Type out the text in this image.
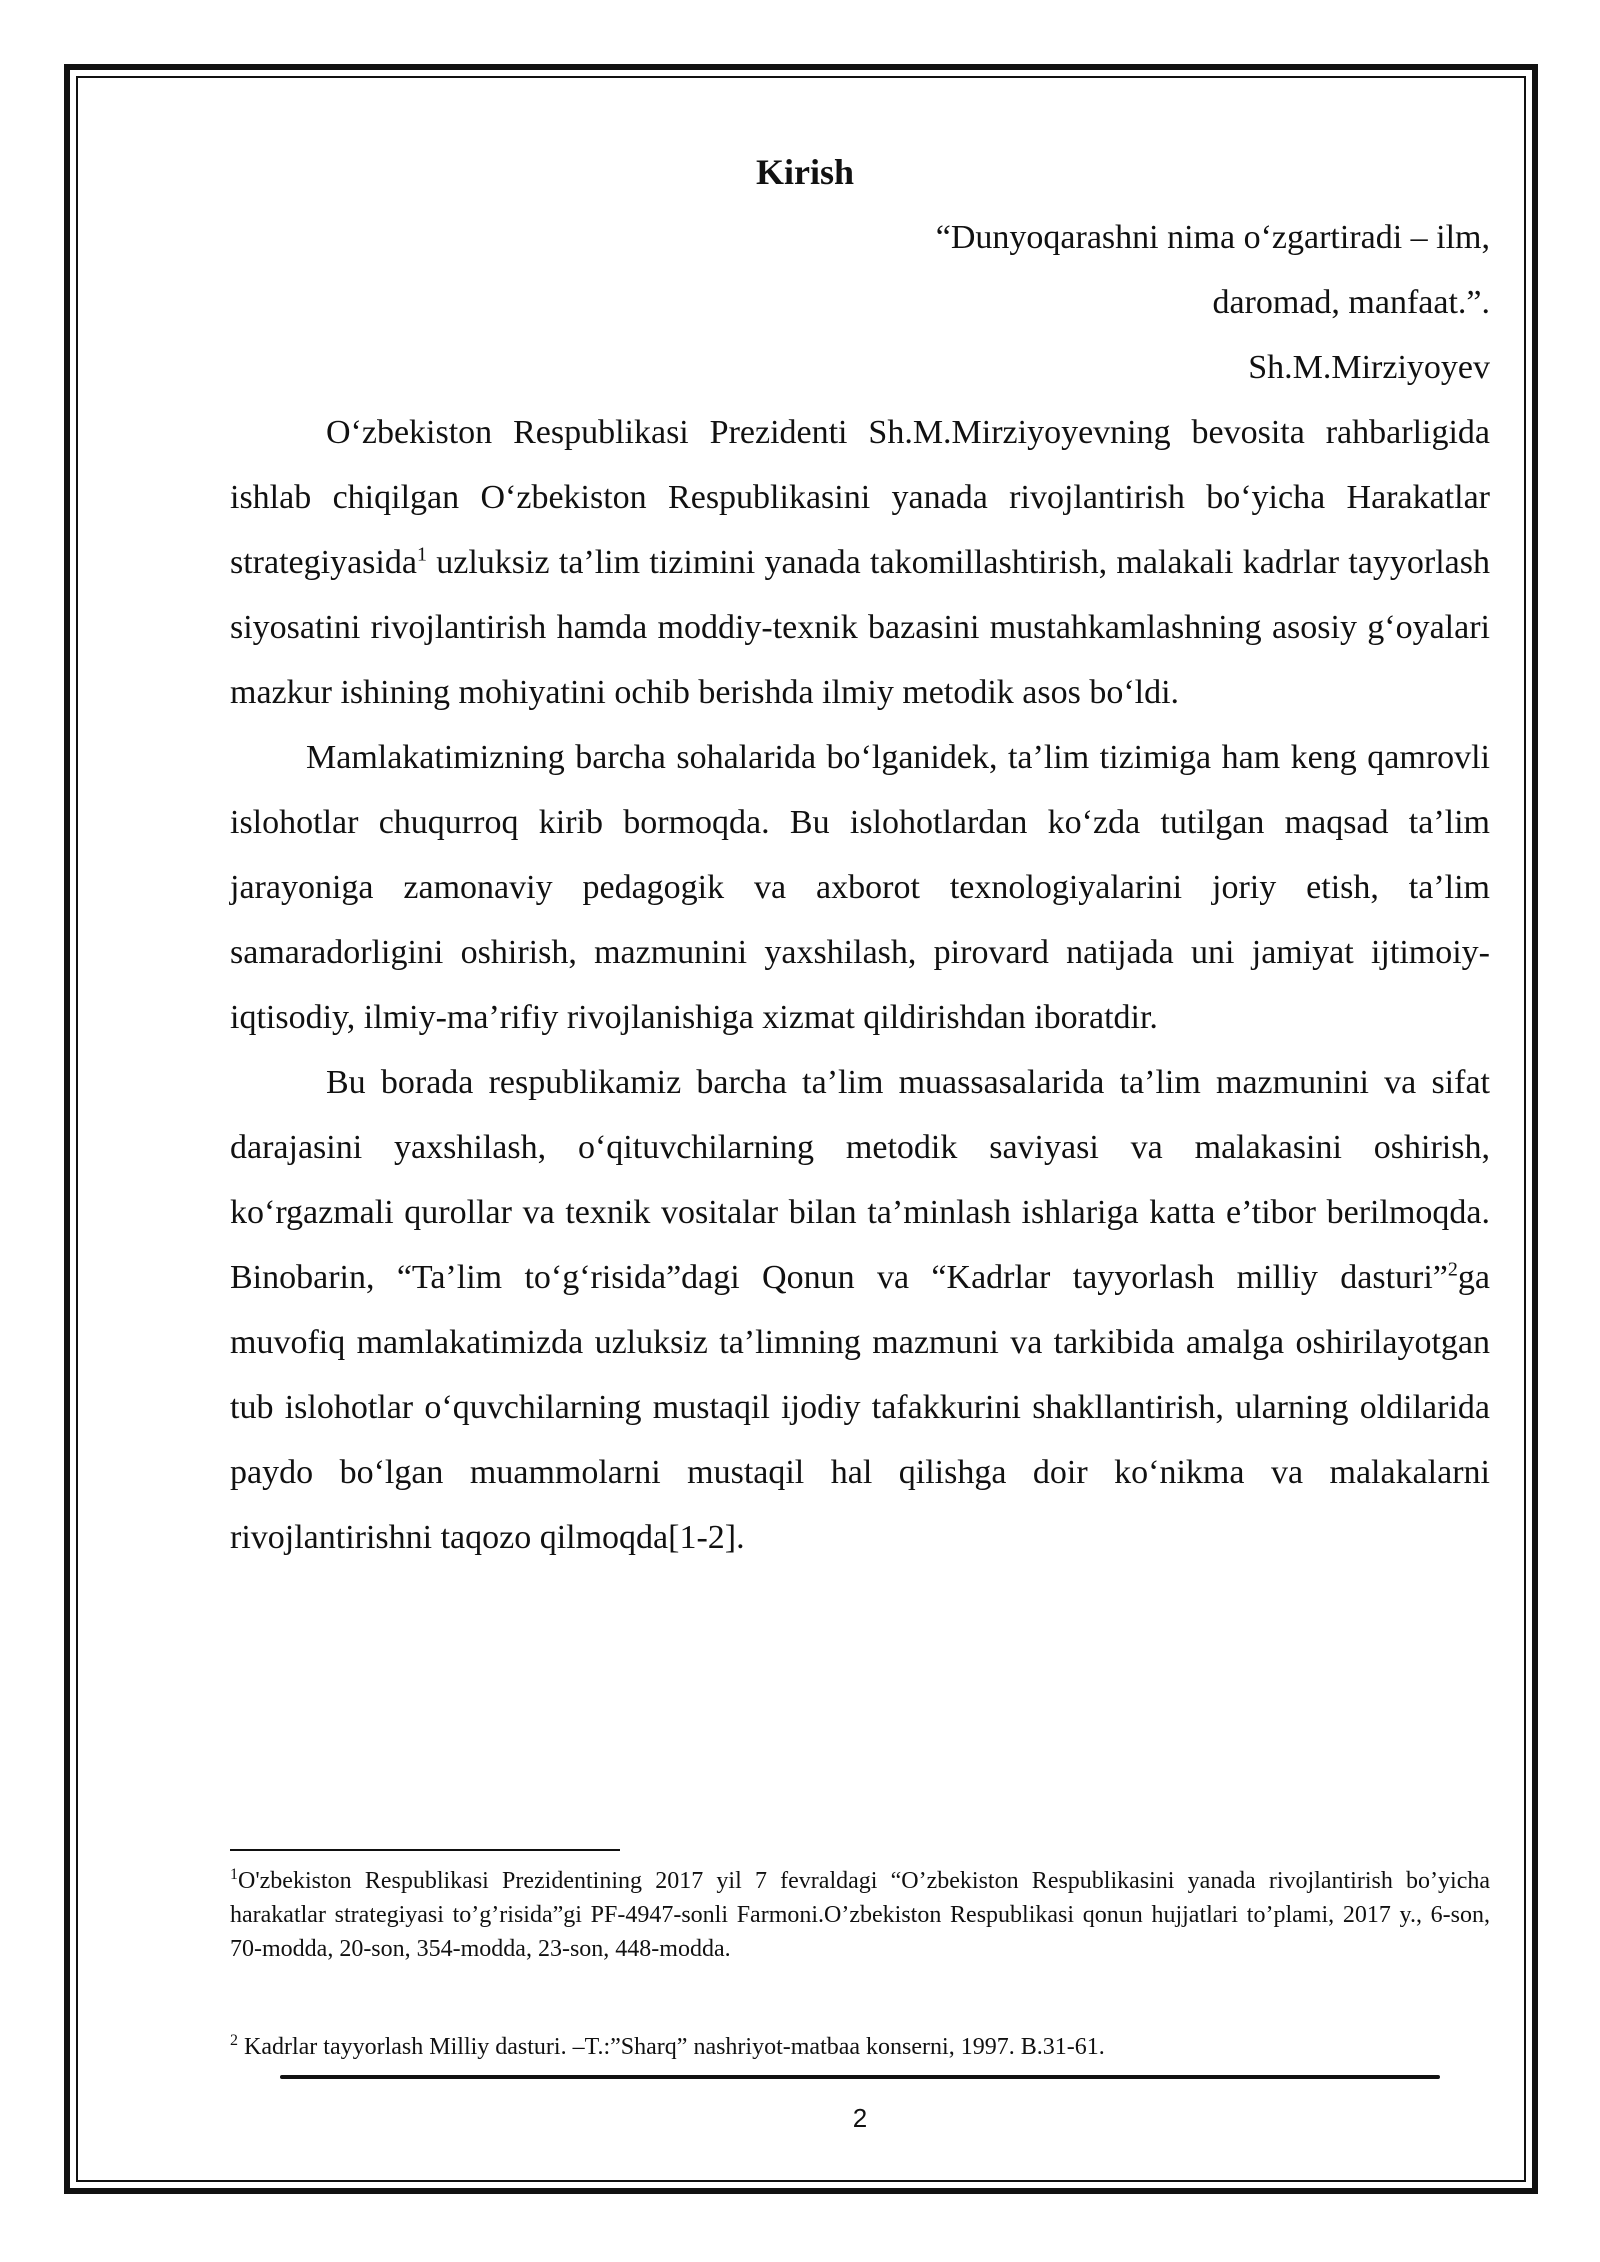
Kirish
“Dunyoqarashni nima o‘zgartiradi – ilm,
daromad, manfaat.”.
Sh.M.Mirziyoyev

O‘zbekiston Respublikasi Prezidenti Sh.M.Mirziyoyevning bevosita rahbarligida ishlab chiqilgan O‘zbekiston Respublikasini yanada rivojlantirish bo‘yicha Harakatlar strategiyasida$^1$ uzluksiz ta’lim tizimini yanada takomillashtirish, malakali kadrlar tayyorlash siyosatini rivojlantirish hamda moddiy-texnik bazasini mustahkamlashning asosiy g‘oyalari mazkur ishining mohiyatini ochib berishda ilmiy metodik asos bo‘ldi.

Mamlakatimizning barcha sohalarida bo‘lganidek, ta’lim tizimiga ham keng qamrovli islohotlar chuqurroq kirib bormoqda. Bu islohotlardan ko‘zda tutilgan maqsad ta’lim jarayoniga zamonaviy pedagogik va axborot texnologiyalarini joriy etish, ta’lim samaradorligini oshirish, mazmunini yaxshilash, pirovard natijada uni jamiyat ijtimoiy-iqtisodiy, ilmiy-ma’rifiy rivojlanishiga xizmat qildirishdan iboratdir.

Bu borada respublikamiz barcha ta’lim muassasalarida ta’lim mazmunini va sifat darajasini yaxshilash, o‘qituvchilarning metodik saviyasi va malakasini oshirish, ko‘rgazmali qurollar va texnik vositalar bilan ta’minlash ishlariga katta e’tibor berilmoqda. Binobarin, “Ta’lim to‘g‘risida”dagi Qonun va “Kadrlar tayyorlash milliy dasturi”$^2$ga muvofiq mamlakatimizda uzluksiz ta’limning mazmuni va tarkibida amalga oshirilayotgan tub islohotlar o‘quvchilarning mustaqil ijodiy tafakkurini shakllantirish, ularning oldilarida paydo bo‘lgan muammolarni mustaqil hal qilishga doir ko‘nikma va malakalarni rivojlantirishni taqozo qilmoqda[1-2].

$^1$O'zbekiston Respublikasi Prezidentining 2017 yil 7 fevraldagi “O’zbekiston Respublikasini yanada rivojlantirish bo’yicha harakatlar strategiyasi to’g’risida”gi PF-4947-sonli Farmoni.O’zbekiston Respublikasi qonun hujjatlari to’plami, 2017 y., 6-son, 70-modda, 20-son, 354-modda, 23-son, 448-modda.
$^2$ Kadrlar tayyorlash Milliy dasturi. –T.:”Sharq” nashriyot-matbaa konserni, 1997. B.31-61.
2
